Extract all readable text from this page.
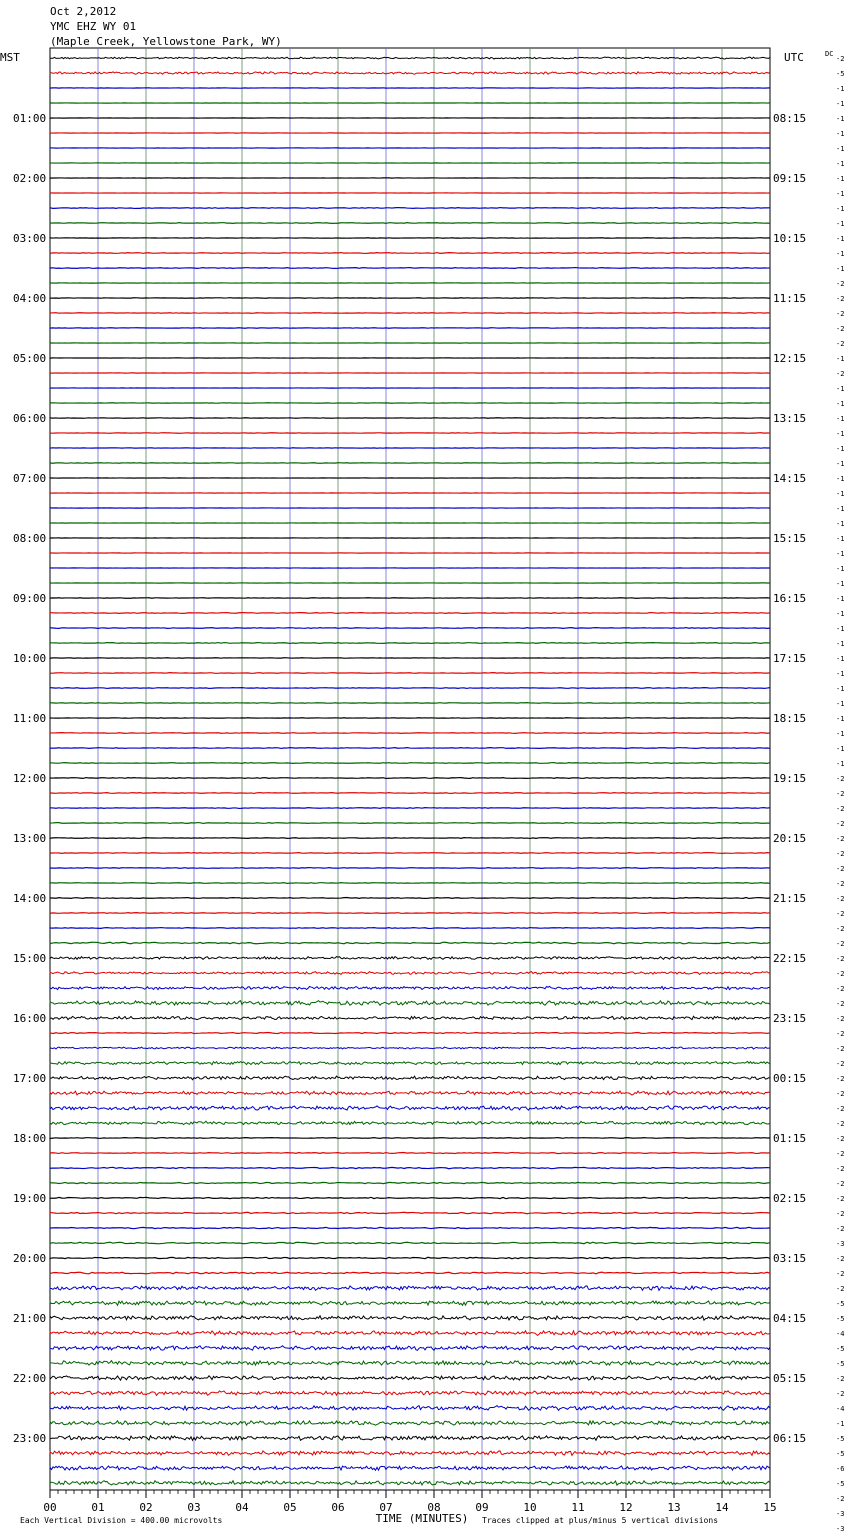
Oct 2,2012
YMC EHZ WY 01
(Maple Creek, Yellowstone Park, WY)
MST	UTC	DC
01:00
02:00
03:00
04:00
05:00
06:00
07:00
08:00
09:00
10:00
11:00
12:00
13:00
14:00
15:00
16:00
17:00
18:00
19:00
20:00
21:00
22:00
23:00
08:15
09:15
10:15
11:15
12:15
13:15
14:15
15:15
16:15
17:15
18:15
19:15
20:15
21:15
22:15
23:15
00:15
01:15
02:15
03:15
04:15
05:15
06:15
-2
-5
-1
-1
-1
-1
-1
-1
-1
-1
-1
-1
-1
-1
-1
-2
-2
-2
-2
-2
-1
-2
-1
-1
-1
-1
-1
-1
-1
-1
-1
-1
-1
-1
-1
-1
-1
-1
-1
-1
-1
-1
-1
-1
-1
-1
-1
-1
-2
-2
-2
-2
-2
-2
-2
-2
-2
-2
-2
-2
-2
-2
-2
-2
-2
-2
-2
-2
-2
-2
-2
-2
-2
-2
-2
-2
-2
-2
-2
-3
-2
-2
-2
-5
-5
-4
-5
-5
-2
-2
-4
-1
-5
-5
-6
-5
-2
-3
-3
00	01	02	03	04	05	06	07	08	09	10	11	12	13	14	15
TIME (MINUTES)
Each Vertical Division = 400.00 microvolts	Traces clipped at plus/minus 5 vertical divisions
